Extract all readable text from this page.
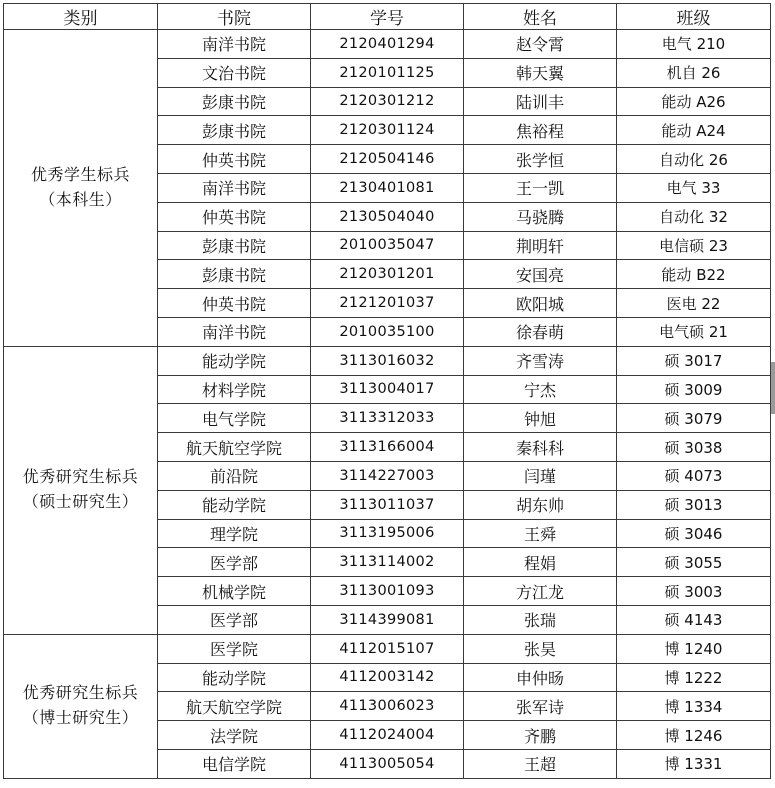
类别	书院	学号	姓名	班级

优秀学生标兵
（本科生）	南洋书院	2120401294	赵令霄	电气 210
	文治书院	2120101125	韩天翼	机自 26
	彭康书院	2120301212	陆训丰	能动 A26
	彭康书院	2120301124	焦裕程	能动 A24
	仲英书院	2120504146	张学恒	自动化 26
	南洋书院	2130401081	王一凯	电气 33
	仲英书院	2130504040	马骁腾	自动化 32
	彭康书院	2010035047	荆明轩	电信硕 23
	彭康书院	2120301201	安国亮	能动 B22
	仲英书院	2121201037	欧阳城	医电 22
	南洋书院	2010035100	徐春萌	电气硕 21

优秀研究生标兵
（硕士研究生）	能动学院	3113016032	齐雪涛	硕 3017
	材料学院	3113004017	宁杰	硕 3009
	电气学院	3113312033	钟旭	硕 3079
	航天航空学院	3113166004	秦科科	硕 3038
	前沿院	3114227003	闫瑾	硕 4073
	能动学院	3113011037	胡东帅	硕 3013
	理学院	3113195006	王舜	硕 3046
	医学部	3113114002	程娟	硕 3055
	机械学院	3113001093	方江龙	硕 3003
	医学部	3114399081	张瑞	硕 4143

优秀研究生标兵
（博士研究生）	医学院	4112015107	张昊	博 1240
	能动学院	4112003142	申仲旸	博 1222
	航天航空学院	4113006023	张军诗	博 1334
	法学院	4112024004	齐鹏	博 1246
	电信学院	4113005054	王超	博 1331
